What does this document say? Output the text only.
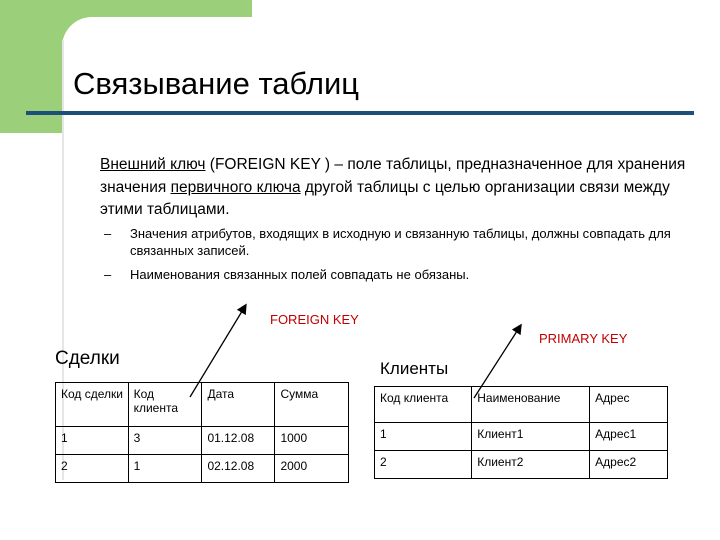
Связывание таблиц
Внешний ключ (FOREIGN KEY ) – поле таблицы, предназначенное для хранения значения первичного ключа другой таблицы с целью организации связи между этими таблицами.
– Значения атрибутов, входящих в исходную и связанную таблицы, должны совпадать для связанных записей.
– Наименования связанных полей совпадать не обязаны.
FOREIGN KEY
PRIMARY KEY
Сделки	Клиенты
Код сделки	Код клиента	Дата	Сумма

1	3	01.12.08	1000

2	1	02.12.08	2000
Код клиента	Наименование	Адрес

1	Клиент1	Адрес1

2	Клиент2	Адрес2
